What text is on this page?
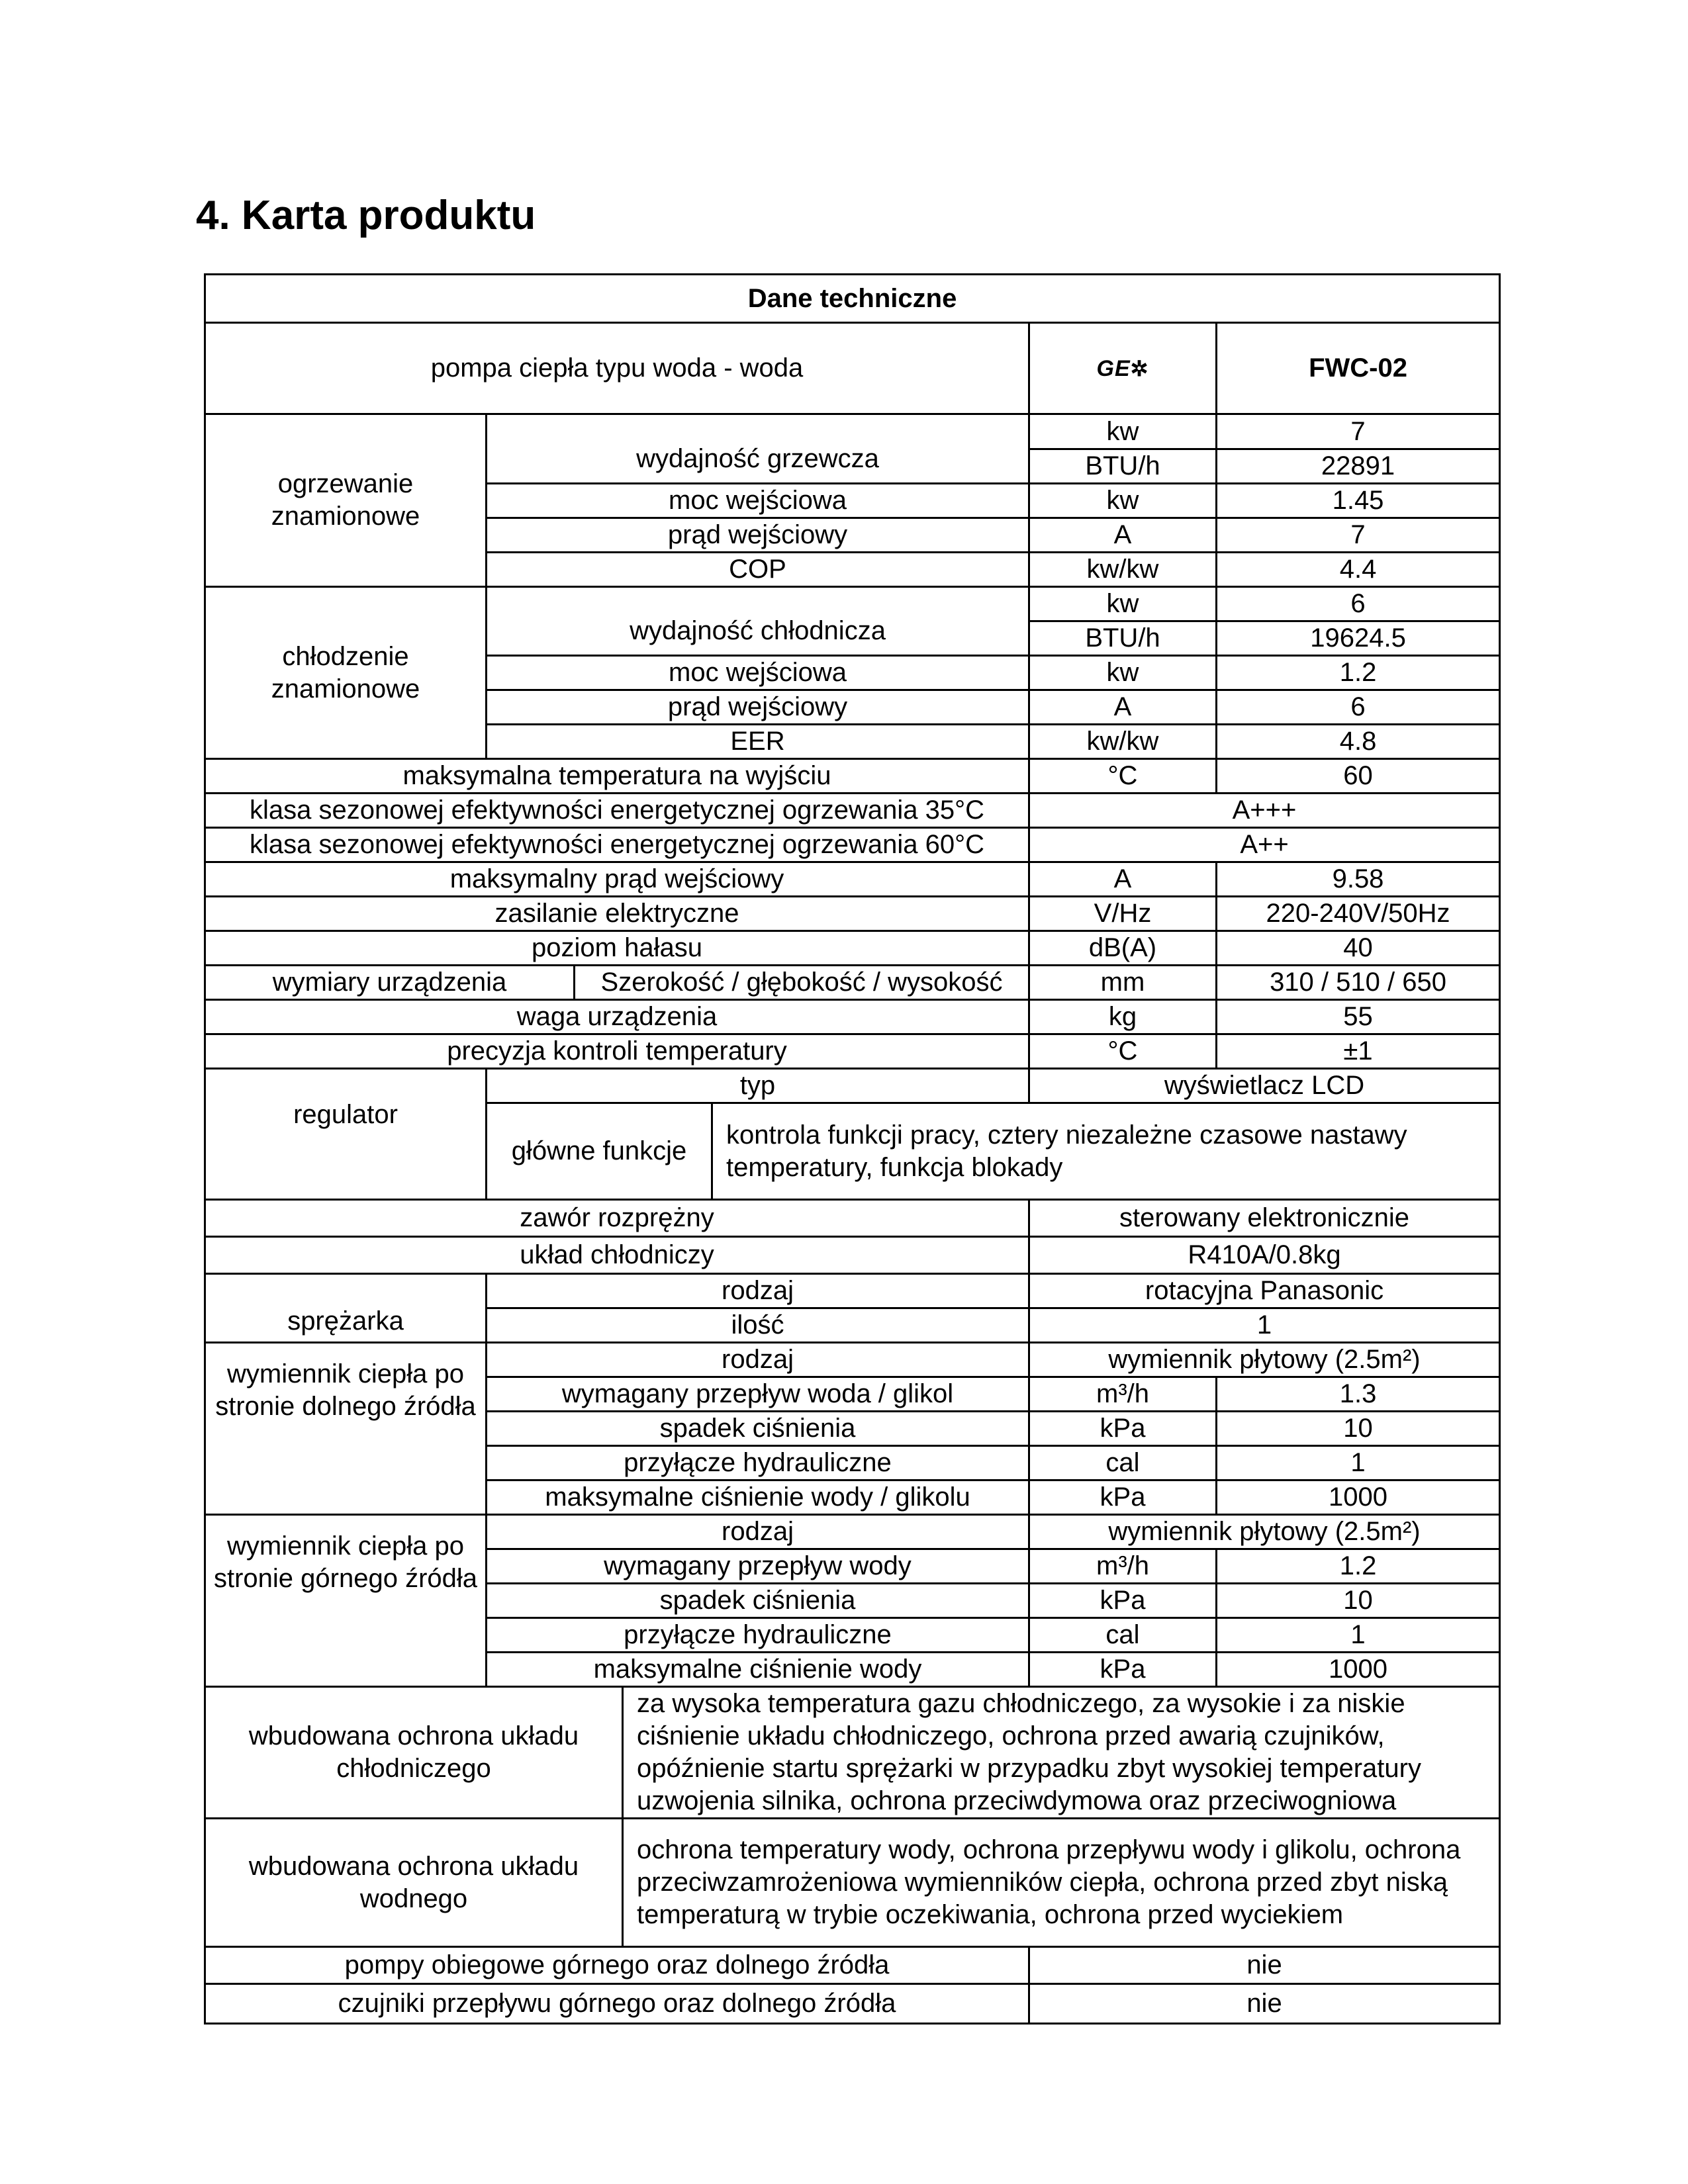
4. Karta produktu
Dane techniczne						
pompa ciepła typu woda - woda					GE✲	FWC-02
ogrzewanie znamionowe	wydajność grzewcza				kw	7
					BTU/h	22891
	moc wejściowa				kw	1.45
	prąd wejściowy				A	7
	COP				kw/kw	4.4
chłodzenie znamionowe	wydajność chłodnicza				kw	6
					BTU/h	19624.5
	moc wejściowa				kw	1.2
	prąd wejściowy				A	6
	EER				kw/kw	4.8
maksymalna temperatura na wyjściu					°C	60
klasa sezonowej efektywności energetycznej ogrzewania 35°C					A+++	
klasa sezonowej efektywności energetycznej ogrzewania 60°C					A++	
maksymalny prąd wejściowy					A	9.58
zasilanie elektryczne					V/Hz	220-240V/50Hz
poziom hałasu					dB(A)	40
wymiary urządzenia		Szerokość / głębokość / wysokość			mm	310 / 510 / 650
waga urządzenia					kg	55
precyzja kontroli temperatury					°C	±1
regulator	typ				wyświetlacz LCD	
	główne funkcje			kontrola funkcji pracy, cztery niezależne czasowe nastawy temperatury, funkcja blokady		
zawór rozprężny					sterowany elektronicznie	
układ chłodniczy					R410A/0.8kg	
sprężarka	rodzaj				rotacyjna Panasonic	
	ilość				1	
wymiennik ciepła po stronie dolnego źródła	rodzaj				wymiennik płytowy (2.5m²)	
	wymagany przepływ woda / glikol				m³/h	1.3
	spadek ciśnienia				kPa	10
	przyłącze hydrauliczne				cal	1
	maksymalne ciśnienie wody / glikolu				kPa	1000
wymiennik ciepła po stronie górnego źródła	rodzaj				wymiennik płytowy (2.5m²)	
	wymagany przepływ wody				m³/h	1.2
	spadek ciśnienia				kPa	10
	przyłącze hydrauliczne				cal	1
	maksymalne ciśnienie wody				kPa	1000
wbudowana ochrona układu chłodniczego			za wysoka temperatura gazu chłodniczego, za wysokie i za niskie ciśnienie układu chłodniczego, ochrona przed awarią czujników, opóźnienie startu sprężarki w przypadku zbyt wysokiej temperatury uzwojenia silnika, ochrona przeciwdymowa oraz przeciwogniowa			
wbudowana ochrona układu wodnego			ochrona temperatury wody, ochrona przepływu wody i glikolu, ochrona przeciwzamrożeniowa wymienników ciepła, ochrona przed zbyt niską temperaturą w trybie oczekiwania, ochrona przed wyciekiem			
pompy obiegowe górnego oraz dolnego źródła					nie	
czujniki przepływu górnego oraz dolnego źródła					nie	
